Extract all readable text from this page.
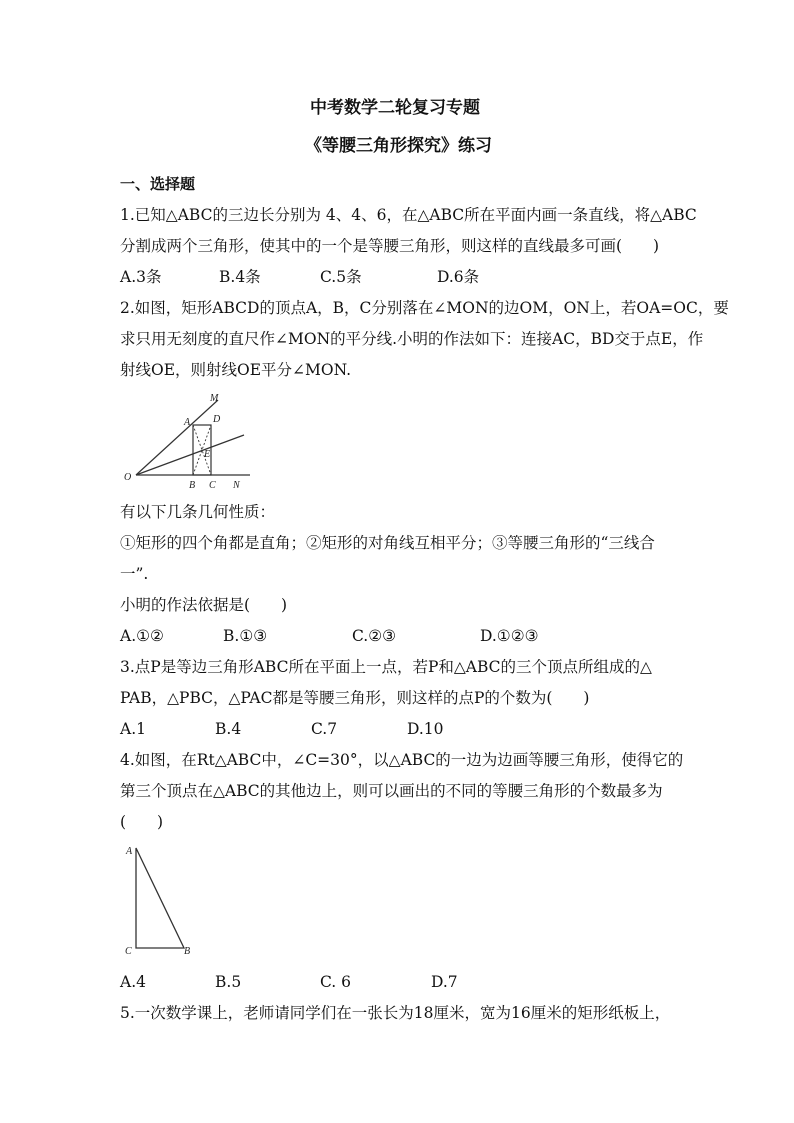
中考数学二轮复习专题
《等腰三角形探究》练习
一、选择题
1.已知△ABC的三边长分别为 4、4、6，在△ABC所在平面内画一条直线，将△ABC
分割成两个三角形，使其中的一个是等腰三角形，则这样的直线最多可画(　　)
A.3条	B.4条	C.5条	D.6条
2.如图，矩形ABCD的顶点A，B，C分别落在∠MON的边OM，ON上，若OA=OC，要
求只用无刻度的直尺作∠MON的平分线.小明的作法如下：连接AC，BD交于点E，作
射线OE，则射线OE平分∠MON.
M
A D
E
O
B C N
有以下几条几何性质：
①矩形的四个角都是直角；②矩形的对角线互相平分；③等腰三角形的“三线合
一”.
小明的作法依据是(　　)
A.①②	B.①③	C.②③	D.①②③
3.点P是等边三角形ABC所在平面上一点，若P和△ABC的三个顶点所组成的△
PAB，△PBC，△PAC都是等腰三角形，则这样的点P的个数为(　　)
A.1	B.4	C.7	D.10
4.如图，在Rt△ABC中，∠C=30°，以△ABC的一边为边画等腰三角形，使得它的
第三个顶点在△ABC的其他边上，则可以画出的不同的等腰三角形的个数最多为
(　　)
A
C	B
A.4	B.5	C. 6	D.7
5.一次数学课上，老师请同学们在一张长为18厘米，宽为16厘米的矩形纸板上，
